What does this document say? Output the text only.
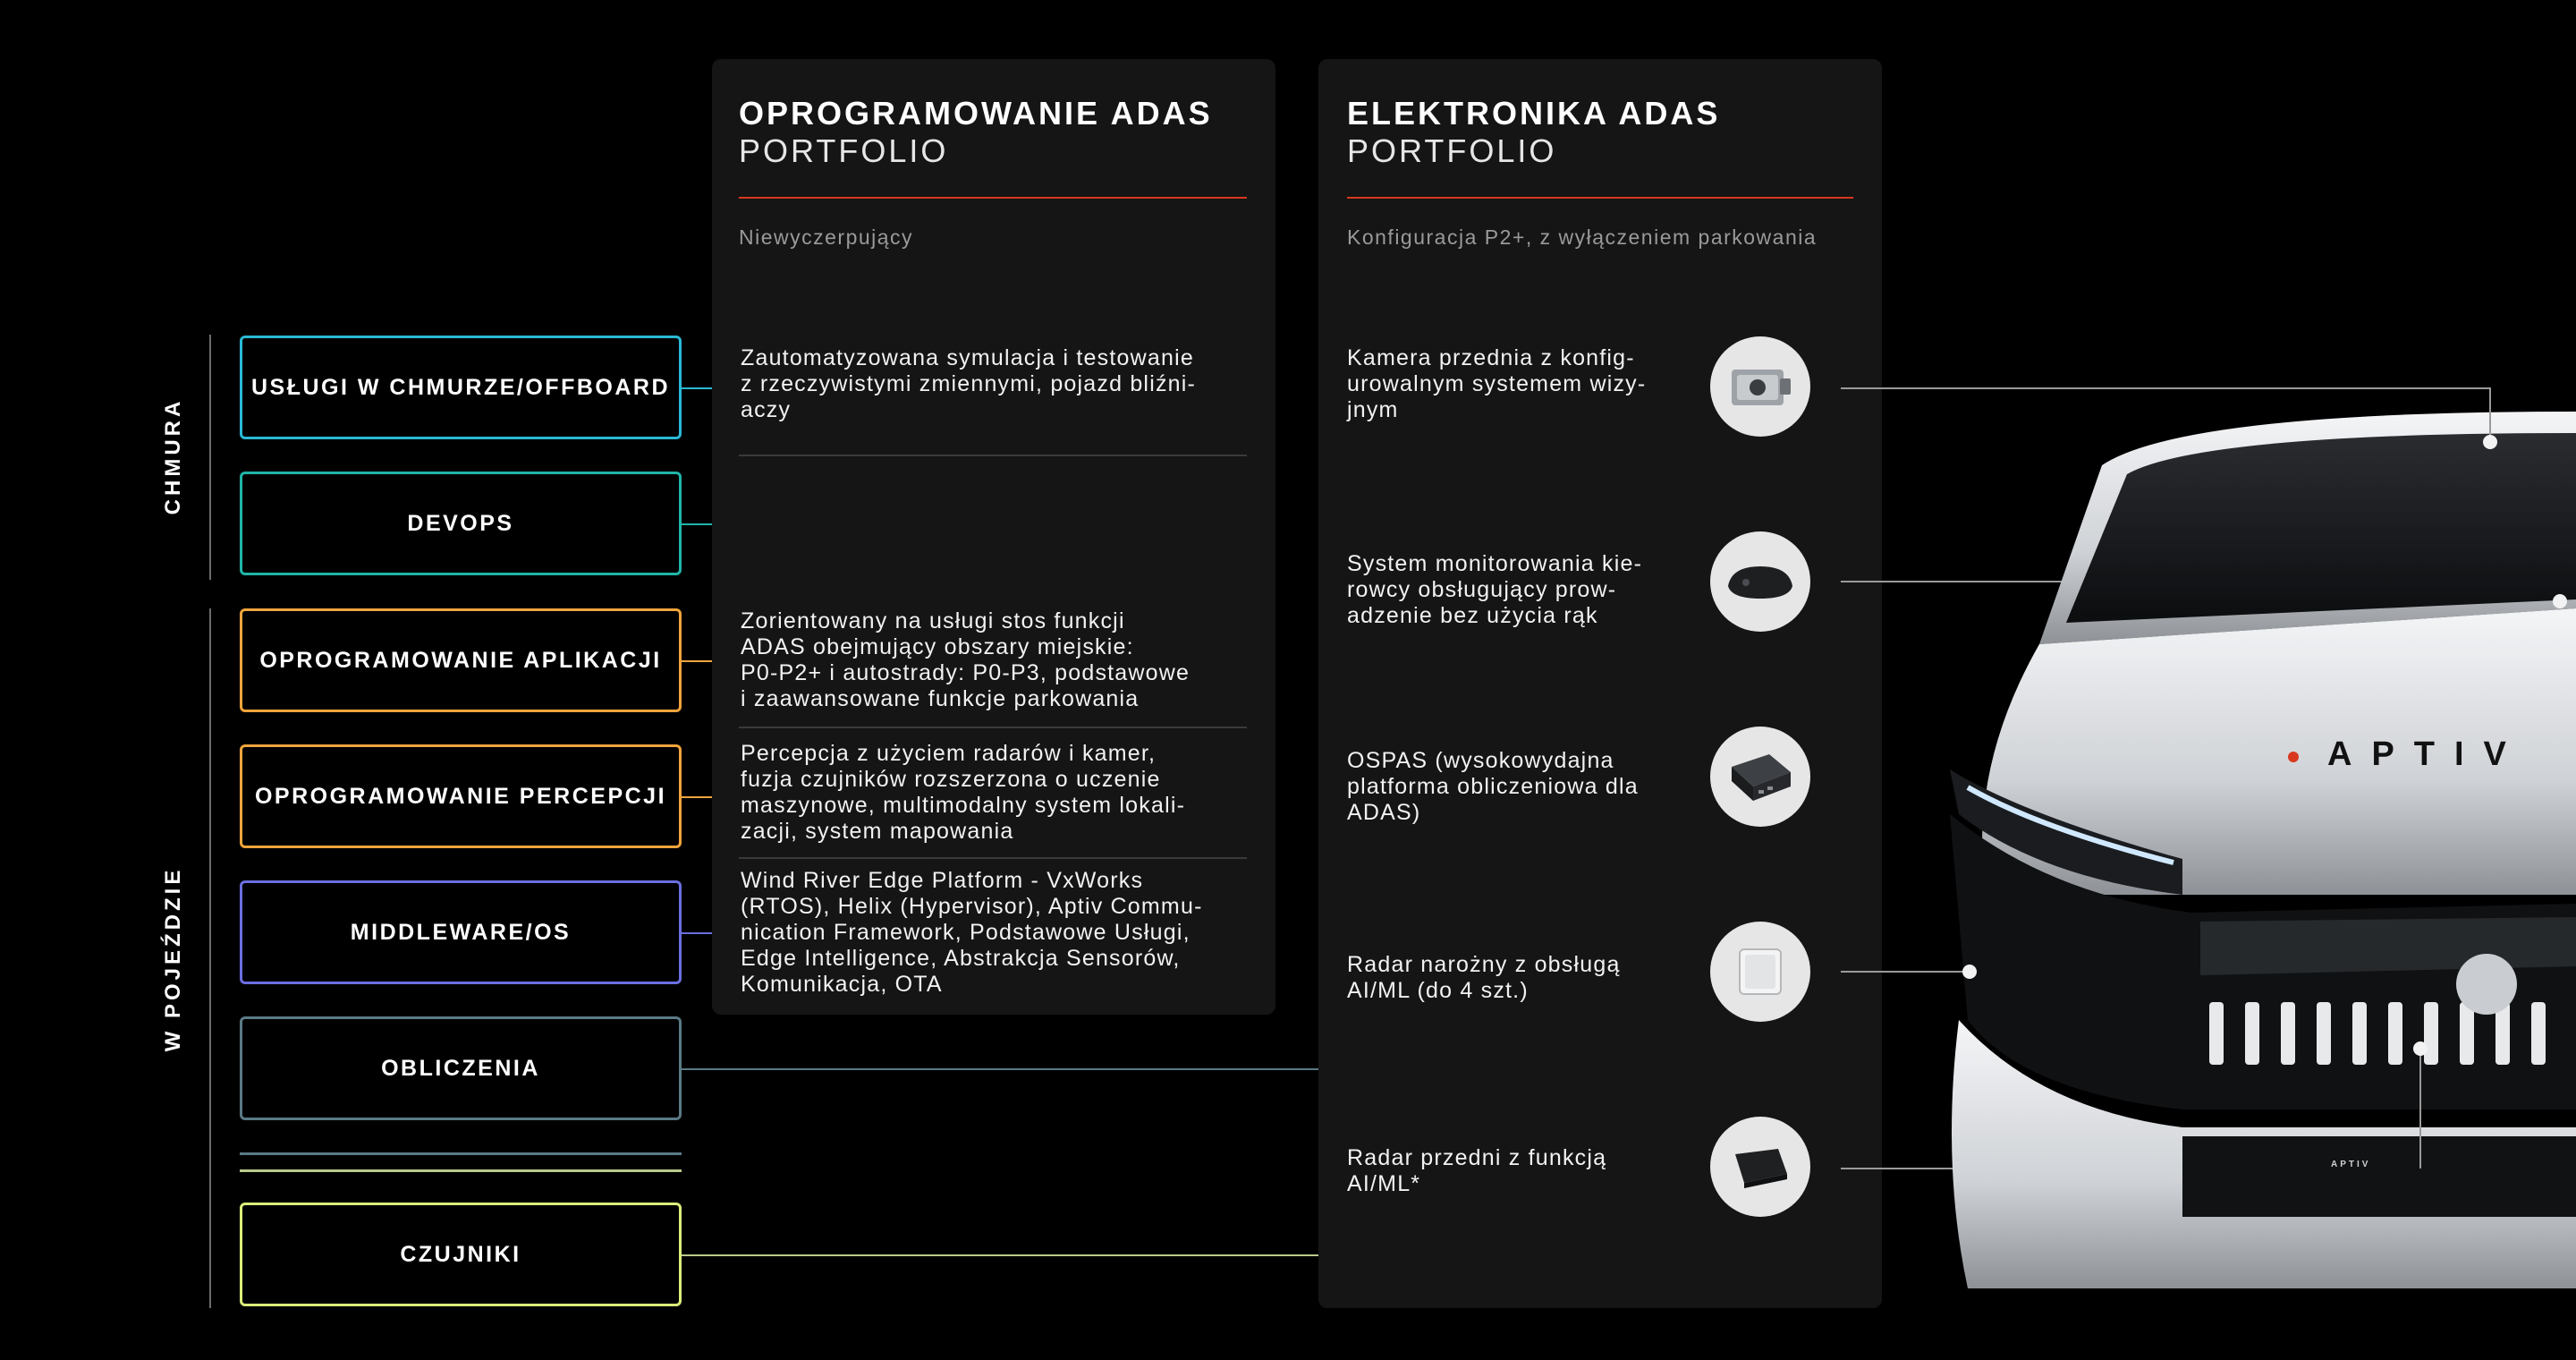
CHMURA
W POJEŹDZIE
USŁUGI W CHMURZE/OFFBOARD
DEVOPS
OPROGRAMOWANIE APLIKACJI
OPROGRAMOWANIE PERCEPCJI
MIDDLEWARE/OS
OBLICZENIA
CZUJNIKI
OPROGRAMOWANIE ADAS
PORTFOLIO
Niewyczerpujący
Zautomatyzowana symulacja i testowanie
z rzeczywistymi zmiennymi, pojazd bliźni-
aczy
Zorientowany na usługi stos funkcji
ADAS obejmujący obszary miejskie:
P0-P2+ i autostrady: P0-P3, podstawowe
i zaawansowane funkcje parkowania
Percepcja z użyciem radarów i kamer,
fuzja czujników rozszerzona o uczenie
maszynowe, multimodalny system lokali-
zacji, system mapowania
Wind River Edge Platform - VxWorks
(RTOS), Helix (Hypervisor), Aptiv Commu-
nication Framework, Podstawowe Usługi,
Edge Intelligence, Abstrakcja Sensorów,
Komunikacja, OTA
ELEKTRONIKA ADAS
PORTFOLIO
Konfiguracja P2+, z wyłączeniem parkowania
Kamera przednia z konfig-
urowalnym systemem wizy-
jnym
System monitorowania kie-
rowcy obsługujący prow-
adzenie bez użycia rąk
OSPAS (wysokowydajna
platforma obliczeniowa dla
ADAS)
Radar narożny z obsługą
AI/ML (do 4 szt.)
Radar przedni z funkcją
AI/ML*
APTIV
APTIV
